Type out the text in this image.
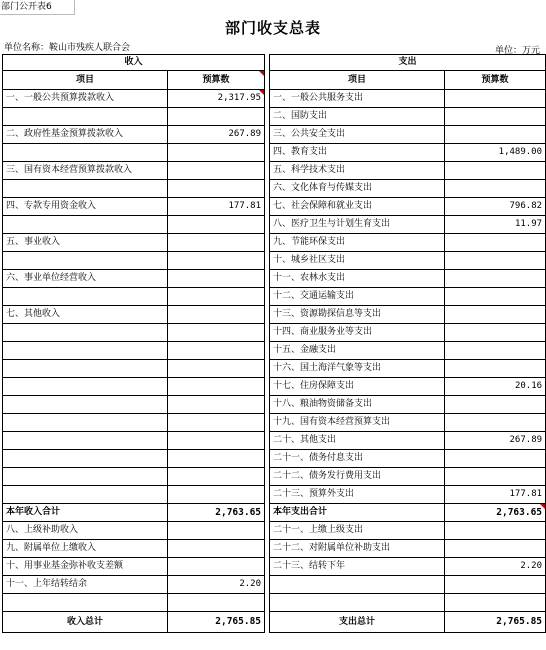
部门公开表6
部门收支总表
单位名称：鞍山市残疾人联合会	单位：万元
收入			支出	
项目	预算数		项目	预算数
一、一般公共预算拨款收入	2,317.95		一、一般公共服务支出	
			二、国防支出	
二、政府性基金预算拨款收入	267.89		三、公共安全支出	
			四、教育支出	1,489.00
三、国有资本经营预算拨款收入			五、科学技术支出	
			六、文化体育与传媒支出	
四、专款专用资金收入	177.81		七、社会保障和就业支出	796.82
			八、医疗卫生与计划生育支出	11.97
五、事业收入			九、节能环保支出	
			十、城乡社区支出	
六、事业单位经营收入			十一、农林水支出	
			十二、交通运输支出	
七、其他收入			十三、资源勘探信息等支出	
			十四、商业服务业等支出	
			十五、金融支出	
			十六、国土海洋气象等支出	
			十七、住房保障支出	20.16
			十八、粮油物资储备支出	
			十九、国有资本经营预算支出	
			二十、其他支出	267.89
			二十一、债务付息支出	
			二十二、债务发行费用支出	
			二十三、预算外支出	177.81
本年收入合计	2,763.65		本年支出合计	2,763.65

八、上级补助收入			二十一、上缴上级支出	
九、附属单位上缴收入			二十二、对附属单位补助支出	
十、用事业基金弥补收支差额			二十三、结转下年	2.20
十一、上年结转结余	2.20			

收入总计	2,765.85		支出总计	2,765.85
